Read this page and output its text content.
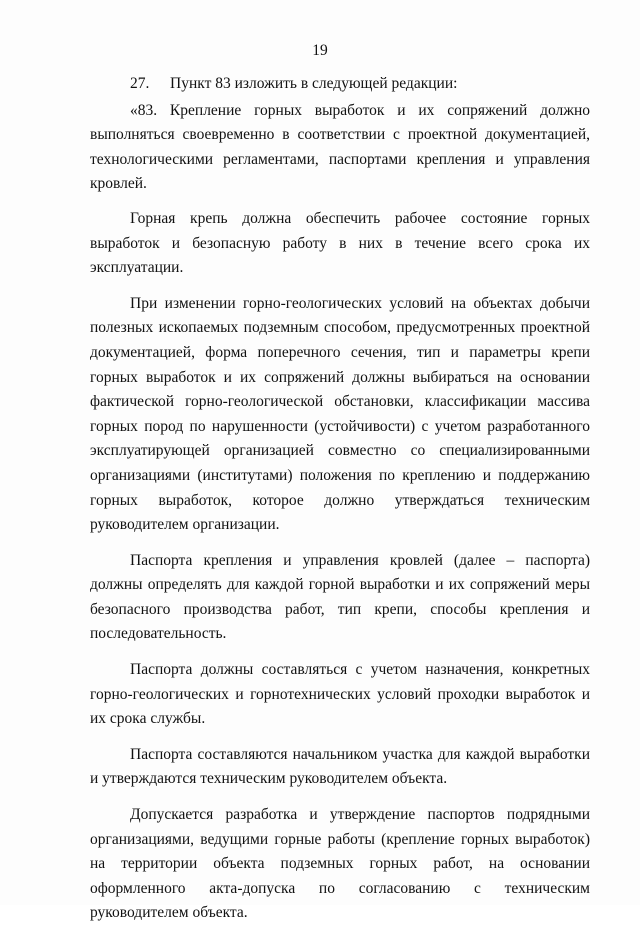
19

27. Пункт 83 изложить в следующей редакции:

«83. Крепление горных выработок и их сопряжений должно выполняться своевременно в соответствии с проектной документацией, технологическими регламентами, паспортами крепления и управления кровлей.

Горная крепь должна обеспечить рабочее состояние горных выработок и безопасную работу в них в течение всего срока их эксплуатации.

При изменении горно-геологических условий на объектах добычи полезных ископаемых подземным способом, предусмотренных проектной документацией, форма поперечного сечения, тип и параметры крепи горных выработок и их сопряжений должны выбираться на основании фактической горно-геологической обстановки, классификации массива горных пород по нарушенности (устойчивости) с учетом разработанного эксплуатирующей организацией совместно со специализированными организациями (институтами) положения по креплению и поддержанию горных выработок, которое должно утверждаться техническим руководителем организации.

Паспорта крепления и управления кровлей (далее – паспорта) должны определять для каждой горной выработки и их сопряжений меры безопасного производства работ, тип крепи, способы крепления и последовательность.

Паспорта должны составляться с учетом назначения, конкретных горно-геологических и горнотехнических условий проходки выработок и их срока службы.

Паспорта составляются начальником участка для каждой выработки и утверждаются техническим руководителем объекта.

Допускается разработка и утверждение паспортов подрядными организациями, ведущими горные работы (крепление горных выработок) на территории объекта подземных горных работ, на основании оформленного акта-допуска по согласованию с техническим руководителем объекта.
